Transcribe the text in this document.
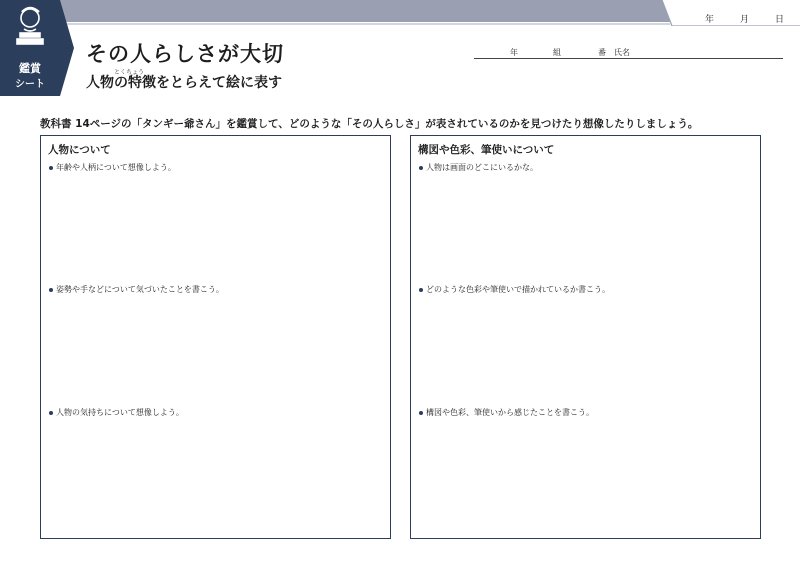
年	月	日
鑑賞
シート
その人らしさが大切
とくちょう
人物の特徴をとらえて絵に表す
年	組	番 氏名
教科書 14ページの「タンギー爺さん」を鑑賞して、どのような「その人らしさ」が表されているのかを見つけたり想像したりしましょう。
人物について
年齢や人柄について想像しよう。
姿勢や手などについて気づいたことを書こう。
人物の気持ちについて想像しよう。
構図や色彩、筆使いについて
人物は画面のどこにいるかな。
どのような色彩や筆使いで描かれているか書こう。
構図や色彩、筆使いから感じたことを書こう。
